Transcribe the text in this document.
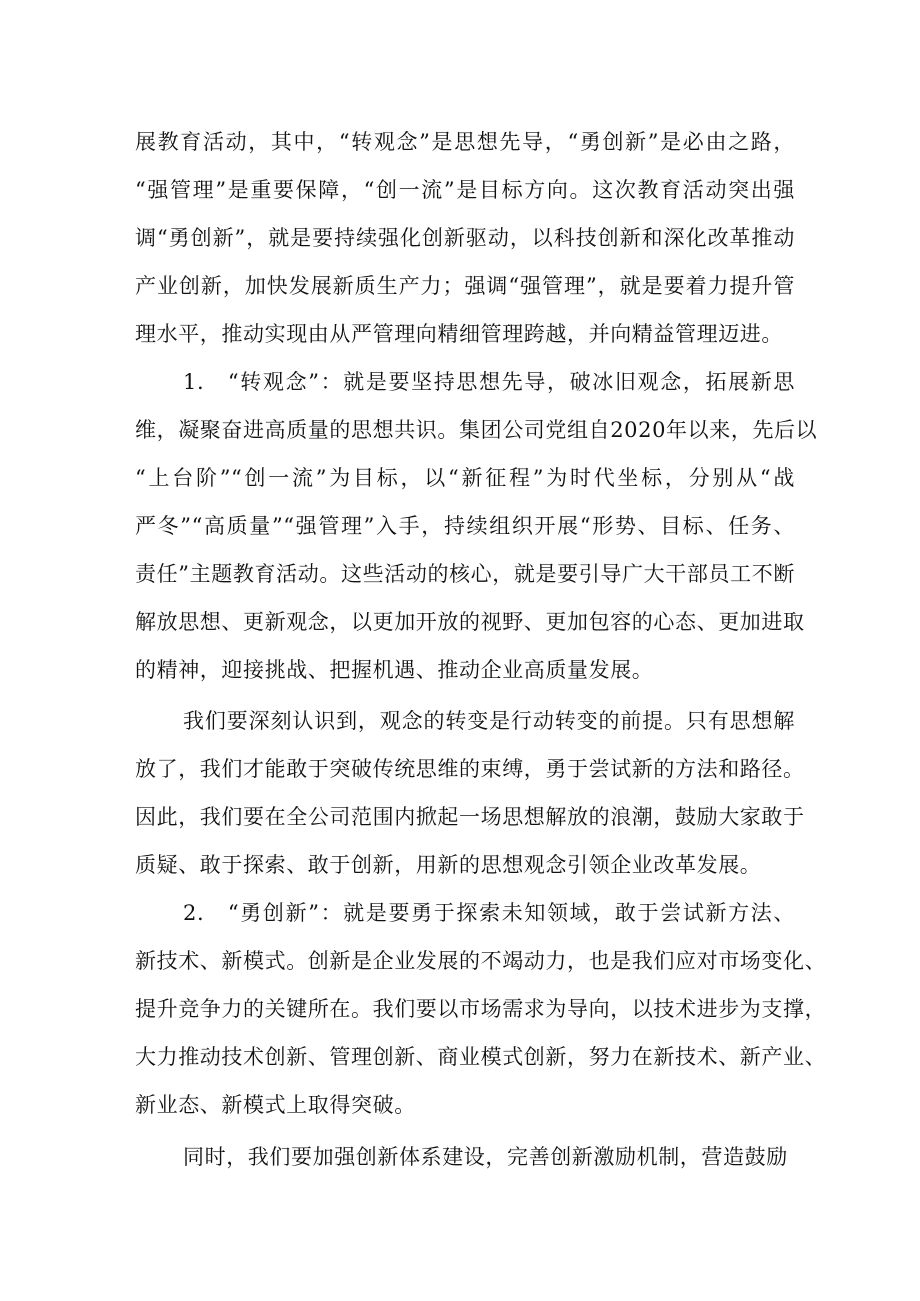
展教育活动，其中，“转观念”是思想先导，“勇创新”是必由之路，
“强管理”是重要保障，“创一流”是目标方向。这次教育活动突出强
调“勇创新”，就是要持续强化创新驱动，以科技创新和深化改革推动
产业创新，加快发展新质生产力；强调“强管理”，就是要着力提升管
理水平，推动实现由从严管理向精细管理跨越，并向精益管理迈进。
1.　“转观念”：就是要坚持思想先导，破冰旧观念，拓展新思
维，凝聚奋进高质量的思想共识。集团公司党组自2020年以来，先后以
“上台阶”“创一流”为目标，以“新征程”为时代坐标，分别从“战
严冬”“高质量”“强管理”入手，持续组织开展“形势、目标、任务、
责任”主题教育活动。这些活动的核心，就是要引导广大干部员工不断
解放思想、更新观念，以更加开放的视野、更加包容的心态、更加进取
的精神，迎接挑战、把握机遇、推动企业高质量发展。
我们要深刻认识到，观念的转变是行动转变的前提。只有思想解
放了，我们才能敢于突破传统思维的束缚，勇于尝试新的方法和路径。
因此，我们要在全公司范围内掀起一场思想解放的浪潮，鼓励大家敢于
质疑、敢于探索、敢于创新，用新的思想观念引领企业改革发展。
2.　“勇创新”：就是要勇于探索未知领域，敢于尝试新方法、
新技术、新模式。创新是企业发展的不竭动力，也是我们应对市场变化、
提升竞争力的关键所在。我们要以市场需求为导向，以技术进步为支撑，
大力推动技术创新、管理创新、商业模式创新，努力在新技术、新产业、
新业态、新模式上取得突破。
同时，我们要加强创新体系建设，完善创新激励机制，营造鼓励
